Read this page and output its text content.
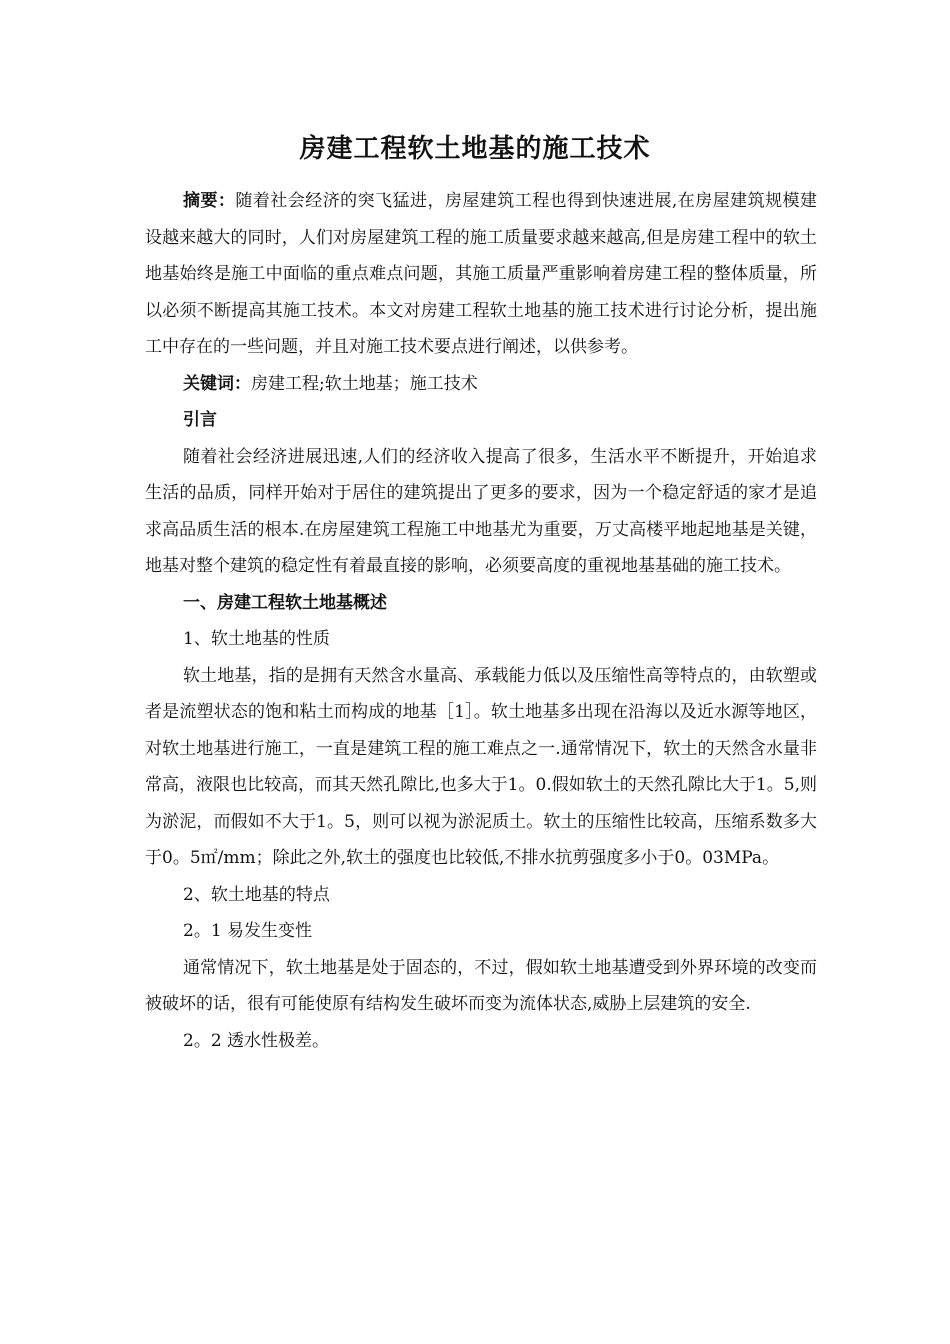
房建工程软土地基的施工技术

摘要：随着社会经济的突飞猛进，房屋建筑工程也得到快速进展,在房屋建筑规模建设越来越大的同时，人们对房屋建筑工程的施工质量要求越来越高,但是房建工程中的软土地基始终是施工中面临的重点难点问题，其施工质量严重影响着房建工程的整体质量，所以必须不断提高其施工技术。本文对房建工程软土地基的施工技术进行讨论分析，提出施工中存在的一些问题，并且对施工技术要点进行阐述，以供参考。

关键词：房建工程;软土地基；施工技术

引言

随着社会经济进展迅速,人们的经济收入提高了很多，生活水平不断提升，开始追求生活的品质，同样开始对于居住的建筑提出了更多的要求，因为一个稳定舒适的家才是追求高品质生活的根本.在房屋建筑工程施工中地基尤为重要，万丈高楼平地起地基是关键，地基对整个建筑的稳定性有着最直接的影响，必须要高度的重视地基基础的施工技术。

一、房建工程软土地基概述

1、软土地基的性质

软土地基，指的是拥有天然含水量高、承载能力低以及压缩性高等特点的，由软塑或者是流塑状态的饱和粘土而构成的地基［1］。软土地基多出现在沿海以及近水源等地区，对软土地基进行施工，一直是建筑工程的施工难点之一.通常情况下，软土的天然含水量非常高，液限也比较高，而其天然孔隙比,也多大于1。0.假如软土的天然孔隙比大于1。5,则为淤泥，而假如不大于1。5，则可以视为淤泥质土。软土的压缩性比较高，压缩系数多大于0。5㎡/mm；除此之外,软土的强度也比较低,不排水抗剪强度多小于0。03MPa。

2、软土地基的特点

2。1 易发生变性

通常情况下，软土地基是处于固态的，不过，假如软土地基遭受到外界环境的改变而被破坏的话，很有可能使原有结构发生破坏而变为流体状态,威胁上层建筑的安全.

2。2 透水性极差。
